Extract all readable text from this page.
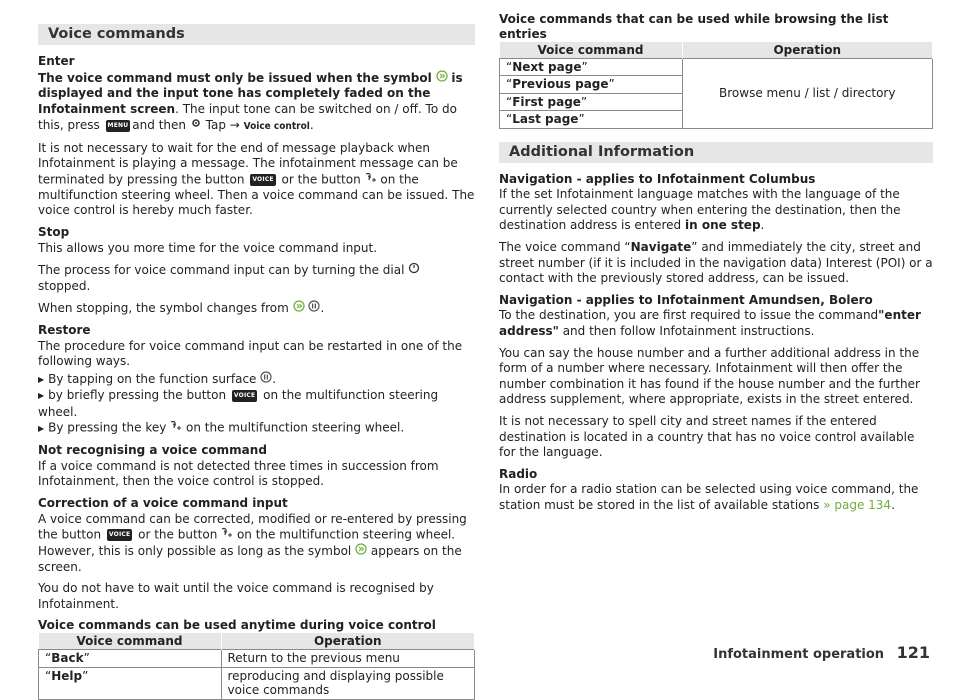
Voice commands

Enter
The voice command must only be issued when the symbol is displayed and the input tone has completely faded on the Infotainment screen. The input tone can be switched on / off. To do this, press MENU and then Tap → Voice control.

It is not necessary to wait for the end of message playback when Infotainment is playing a message. The infotainment message can be terminated by pressing the button VOICE or the button on the multifunction steering wheel. Then a voice command can be issued. The voice control is hereby much faster.

Stop
This allows you more time for the voice command input.

The process for voice command input can by turning the dial  stopped.

When stopping, the symbol changes from	.

Restore
The procedure for voice command input can be restarted in one of the following ways.

▶ By tapping on the function surface .
▶ by briefly pressing the button VOICE on the multifunction steering wheel.
▶ By pressing the key on the multifunction steering wheel.

Not recognising a voice command
If a voice command is not detected three times in succession from Infotainment, then the voice control is stopped.

Correction of a voice command input
A voice command can be corrected, modified or re-entered by pressing the button VOICE or the button on the multifunction steering wheel. However, this is only possible as long as the symbol appears on the screen.

You do not have to wait until the voice command is recognised by Infotainment.

Voice commands can be used anytime during voice control
Voice command	Operation
“Back”	Return to the previous menu
“Help”	reproducing and displaying possible voice commands
Voice commands that can be used while browsing the list entries
Voice command	Operation
“Next page”	Browse menu / list / directory
“Previous page”	
“First page”	
“Last page”	
Additional Information

Navigation - applies to Infotainment Columbus
If the set Infotainment language matches with the language of the currently selected country when entering the destination, then the destination address is entered in one step.

The voice command “Navigate” and immediately the city, street and street number (if it is included in the navigation data) Interest (POI) or a contact with the previously stored address, can be issued.

Navigation - applies to Infotainment Amundsen, Bolero
To the destination, you are first required to issue the command"enter address" and then follow Infotainment instructions.

You can say the house number and a further additional address in the form of a number where necessary. Infotainment will then offer the number combination it has found if the house number and the further address supplement, where appropriate, exists in the street entered.

It is not necessary to spell city and street names if the entered destination is located in a country that has no voice control available for the language.

Radio
In order for a radio station can be selected using voice command, the station must be stored in the list of available stations » page 134.

Infotainment operation 121
